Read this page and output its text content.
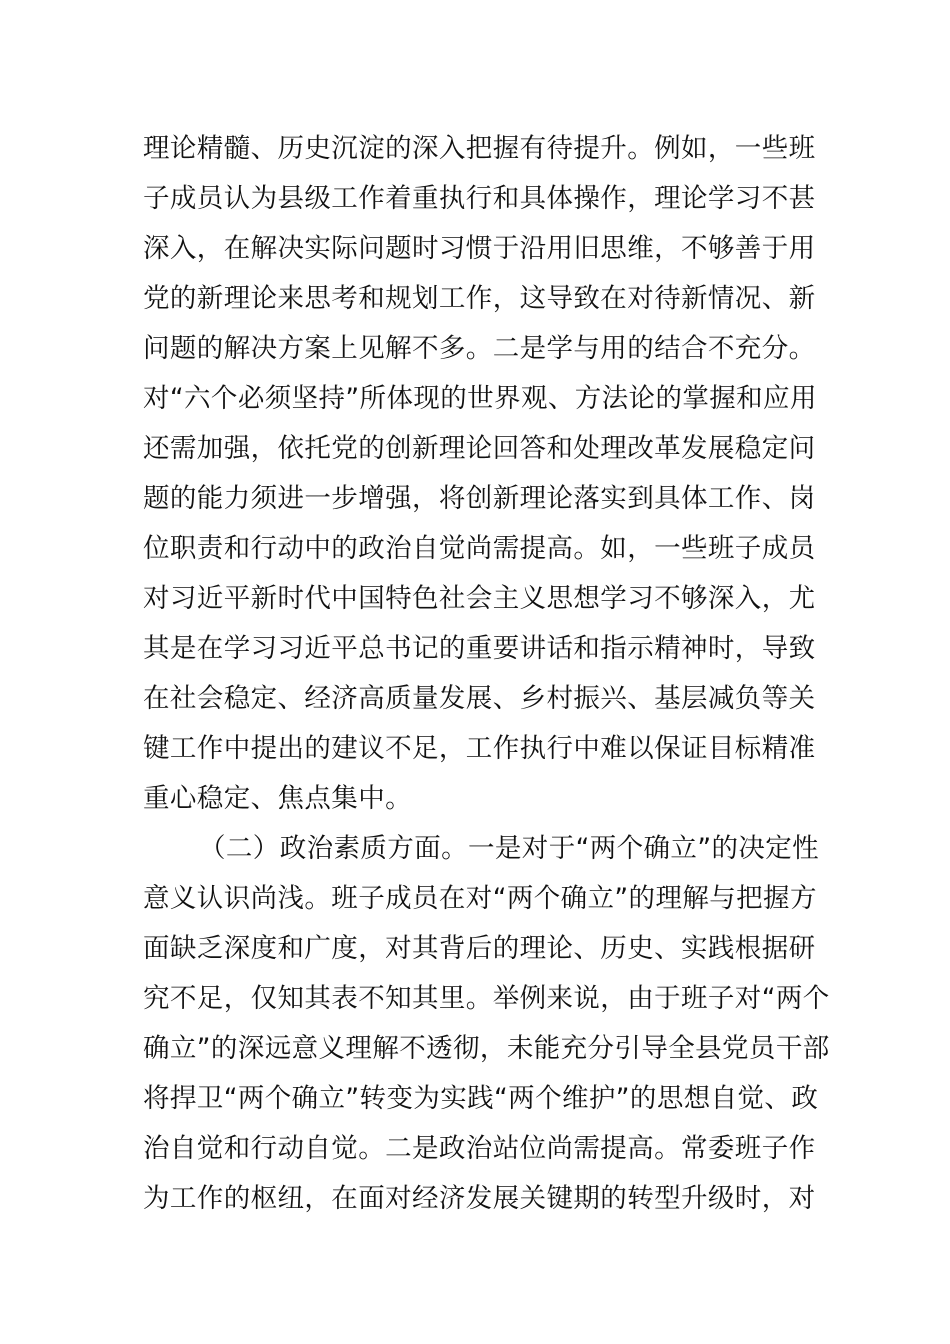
理论精髓、历史沉淀的深入把握有待提升。例如，一些班
子成员认为县级工作着重执行和具体操作，理论学习不甚
深入，在解决实际问题时习惯于沿用旧思维，不够善于用
党的新理论来思考和规划工作，这导致在对待新情况、新
问题的解决方案上见解不多。二是学与用的结合不充分。
对“六个必须坚持”所体现的世界观、方法论的掌握和应用
还需加强，依托党的创新理论回答和处理改革发展稳定问
题的能力须进一步增强，将创新理论落实到具体工作、岗
位职责和行动中的政治自觉尚需提高。如，一些班子成员
对习近平新时代中国特色社会主义思想学习不够深入，尤
其是在学习习近平总书记的重要讲话和指示精神时，导致
在社会稳定、经济高质量发展、乡村振兴、基层减负等关
键工作中提出的建议不足，工作执行中难以保证目标精准
重心稳定、焦点集中。
（二）政治素质方面。一是对于“两个确立”的决定性
意义认识尚浅。班子成员在对“两个确立”的理解与把握方
面缺乏深度和广度，对其背后的理论、历史、实践根据研
究不足，仅知其表不知其里。举例来说，由于班子对“两个
确立”的深远意义理解不透彻，未能充分引导全县党员干部
将捍卫“两个确立”转变为实践“两个维护”的思想自觉、政
治自觉和行动自觉。二是政治站位尚需提高。常委班子作
为工作的枢纽，在面对经济发展关键期的转型升级时，对
